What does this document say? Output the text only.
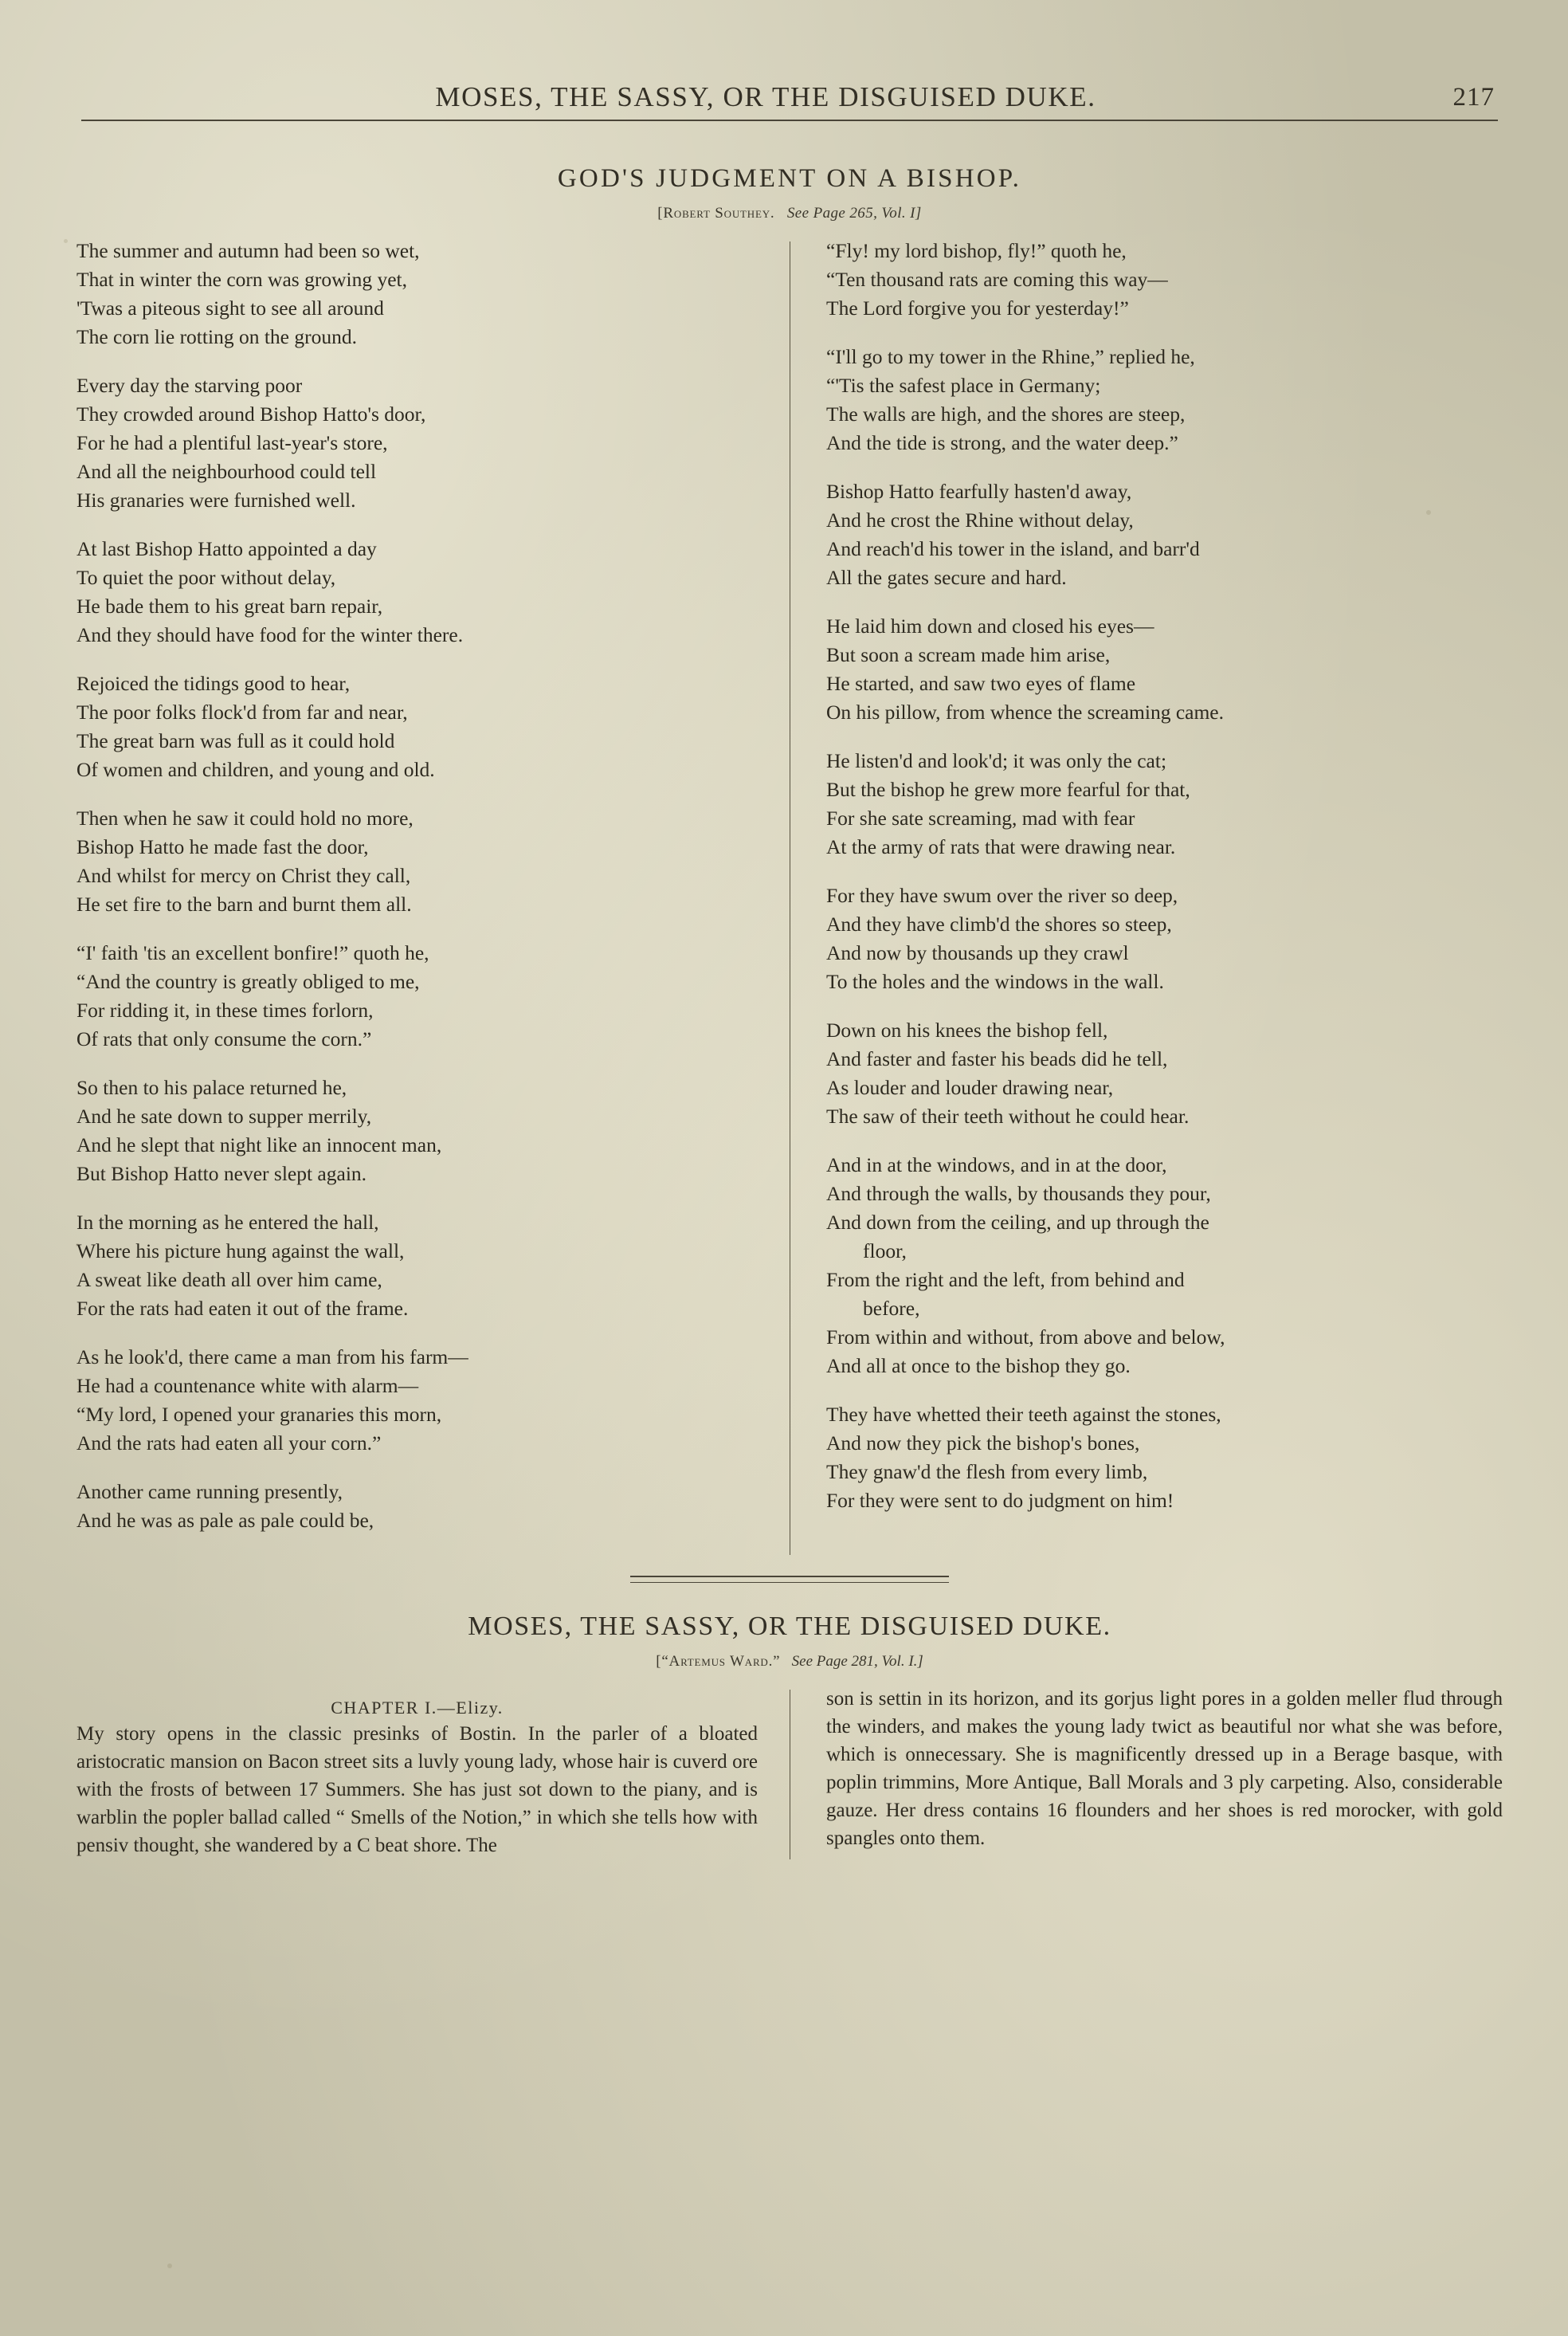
MOSES, THE SASSY, OR THE DISGUISED DUKE.	217
GOD'S JUDGMENT ON A BISHOP.
[Robert Southey. See Page 265, Vol. I]
The summer and autumn had been so wet,
That in winter the corn was growing yet,
'Twas a piteous sight to see all around
The corn lie rotting on the ground.
Every day the starving poor
They crowded around Bishop Hatto's door,
For he had a plentiful last-year's store,
And all the neighbourhood could tell
His granaries were furnished well.
At last Bishop Hatto appointed a day
To quiet the poor without delay,
He bade them to his great barn repair,
And they should have food for the winter there.
Rejoiced the tidings good to hear,
The poor folks flock'd from far and near,
The great barn was full as it could hold
Of women and children, and young and old.
Then when he saw it could hold no more,
Bishop Hatto he made fast the door,
And whilst for mercy on Christ they call,
He set fire to the barn and burnt them all.
“I' faith 'tis an excellent bonfire!” quoth he,
“And the country is greatly obliged to me,
For ridding it, in these times forlorn,
Of rats that only consume the corn.”
So then to his palace returned he,
And he sate down to supper merrily,
And he slept that night like an innocent man,
But Bishop Hatto never slept again.
In the morning as he entered the hall,
Where his picture hung against the wall,
A sweat like death all over him came,
For the rats had eaten it out of the frame.
As he look'd, there came a man from his farm—
He had a countenance white with alarm—
“My lord, I opened your granaries this morn,
And the rats had eaten all your corn.”
Another came running presently,
And he was as pale as pale could be,
“Fly! my lord bishop, fly!” quoth he,
“Ten thousand rats are coming this way—
The Lord forgive you for yesterday!”
“I'll go to my tower in the Rhine,” replied he,
“'Tis the safest place in Germany;
The walls are high, and the shores are steep,
And the tide is strong, and the water deep.”
Bishop Hatto fearfully hasten'd away,
And he crost the Rhine without delay,
And reach'd his tower in the island, and barr'd
All the gates secure and hard.
He laid him down and closed his eyes—
But soon a scream made him arise,
He started, and saw two eyes of flame
On his pillow, from whence the screaming came.
He listen'd and look'd; it was only the cat;
But the bishop he grew more fearful for that,
For she sate screaming, mad with fear
At the army of rats that were drawing near.
For they have swum over the river so deep,
And they have climb'd the shores so steep,
And now by thousands up they crawl
To the holes and the windows in the wall.
Down on his knees the bishop fell,
And faster and faster his beads did he tell,
As louder and louder drawing near,
The saw of their teeth without he could hear.
And in at the windows, and in at the door,
And through the walls, by thousands they pour,
And down from the ceiling, and up through the
floor,
From the right and the left, from behind and
before,
From within and without, from above and below,
And all at once to the bishop they go.
They have whetted their teeth against the stones,
And now they pick the bishop's bones,
They gnaw'd the flesh from every limb,
For they were sent to do judgment on him!
MOSES, THE SASSY, OR THE DISGUISED DUKE.
[“Artemus Ward.” See Page 281, Vol. I.]
CHAPTER I.—Elizy.

My story opens in the classic presinks of Bostin. In the parler of a bloated aristocratic mansion on Bacon street sits a luvly young lady, whose hair is cuverd ore with the frosts of between 17 Summers. She has just sot down to the piany, and is warblin the popler ballad called “ Smells of the Notion,” in which she tells how with pensiv thought, she wandered by a C beat shore. The

son is settin in its horizon, and its gorjus light pores in a golden meller flud through the winders, and makes the young lady twict as beautiful nor what she was before, which is onnecessary. She is magnificently dressed up in a Berage basque, with poplin trimmins, More Antique, Ball Morals and 3 ply carpeting. Also, considerable gauze. Her dress contains 16 flounders and her shoes is red morocker, with gold spangles onto them.
